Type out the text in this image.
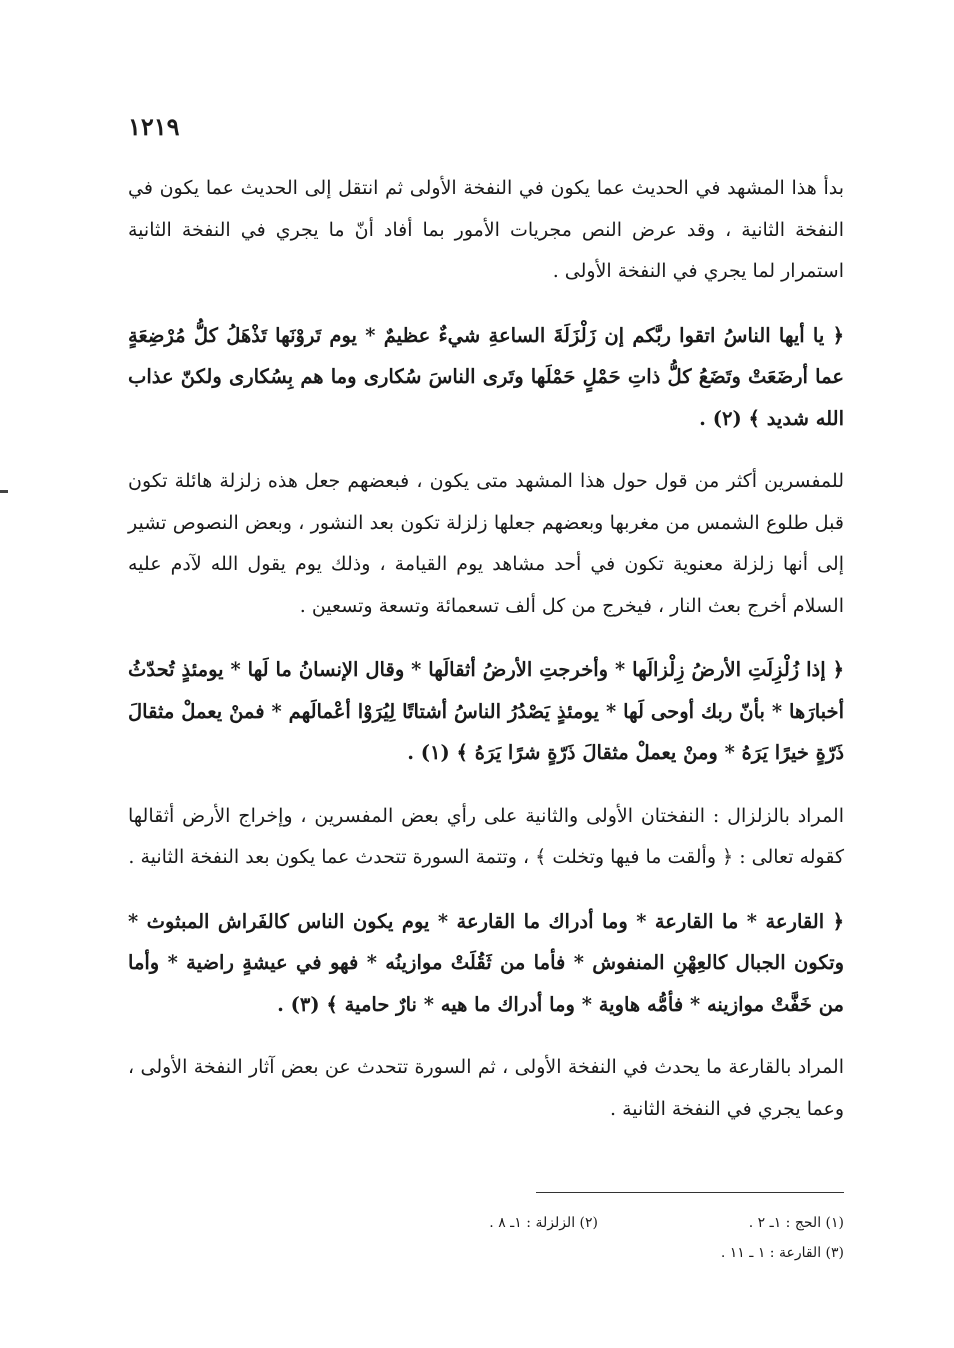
١٢١٩

بدأ هذا المشهد في الحديث عما يكون في النفخة الأولى ثم انتقل إلى الحديث عما يكون في النفخة الثانية ، وقد عرض النص مجريات الأمور بما أفاد أنّ ما يجري في النفخة الثانية استمرار لما يجري في النفخة الأولى .

﴿ يا أيها الناسُ اتقوا ربَّكم إن زَلْزَلَةَ الساعةِ شيءٌ عظيمٌ * يوم تَروْنَها تَذْهَلُ كلُّ مُرْضِعَةٍ عما أرضَعَتْ وتَضَعُ كلُّ ذاتِ حَمْلٍ حَمْلَها وتَرى الناسَ سُكارى وما هم بِسُكارى ولكنّ عذاب الله شديد ﴾ (٢) .

للمفسرين أكثر من قول حول هذا المشهد متى يكون ، فبعضهم جعل هذه زلزلة هائلة تكون قبل طلوع الشمس من مغربها وبعضهم جعلها زلزلة تكون بعد النشور ، وبعض النصوص تشير إلى أنها زلزلة معنوية تكون في أحد مشاهد يوم القيامة ، وذلك يوم يقول الله لآدم عليه السلام أخرج بعث النار ، فيخرج من كل ألف تسعمائة وتسعة وتسعين .

﴿ إذا زُلْزِلَتِ الأرضُ زِلْزالَها * وأخرجتِ الأرضُ أثقالَها * وقال الإنسانُ ما لَها * يومئذٍ تُحدّثُ أخبارَها * بأنّ ربك أوحى لَها * يومئذٍ يَصْدُرُ الناسُ أشتاتًا لِيُرَوْا أعْمالَهم * فمنْ يعملْ مثقالَ ذَرّةٍ خيرًا يَرَهُ * ومنْ يعملْ مثقالَ ذَرّةٍ شرًا يَرَهُ ﴾ (١) .

المراد بالزلزال : النفختان الأولى والثانية على رأي بعض المفسرين ، وإخراج الأرض أثقالها كقوله تعالى : ﴿ وألقت ما فيها وتخلت ﴾ ، وتتمة السورة تتحدث عما يكون بعد النفخة الثانية .

﴿ القارعة * ما القارعة * وما أدراك ما القارعة * يوم يكون الناس كالفَراش المبثوث * وتكون الجبال كالعِهْنِ المنفوش * فأما من ثَقُلَتْ موازينُه * فهو في عيشةٍ راضية * وأما من خَفَّتْ موازينه * فأمُّه هاوية * وما أدراك ما هيه * نارٌ حامية ﴾ (٣) .

المراد بالقارعة ما يحدث في النفخة الأولى ، ثم السورة تتحدث عن بعض آثار النفخة الأولى ، وعما يجري في النفخة الثانية .

(١) الحج : ١ـ ٢ .
(٢) الزلزلة : ١ـ ٨ .
(٣) القارعة : ١ ـ ١١ .
